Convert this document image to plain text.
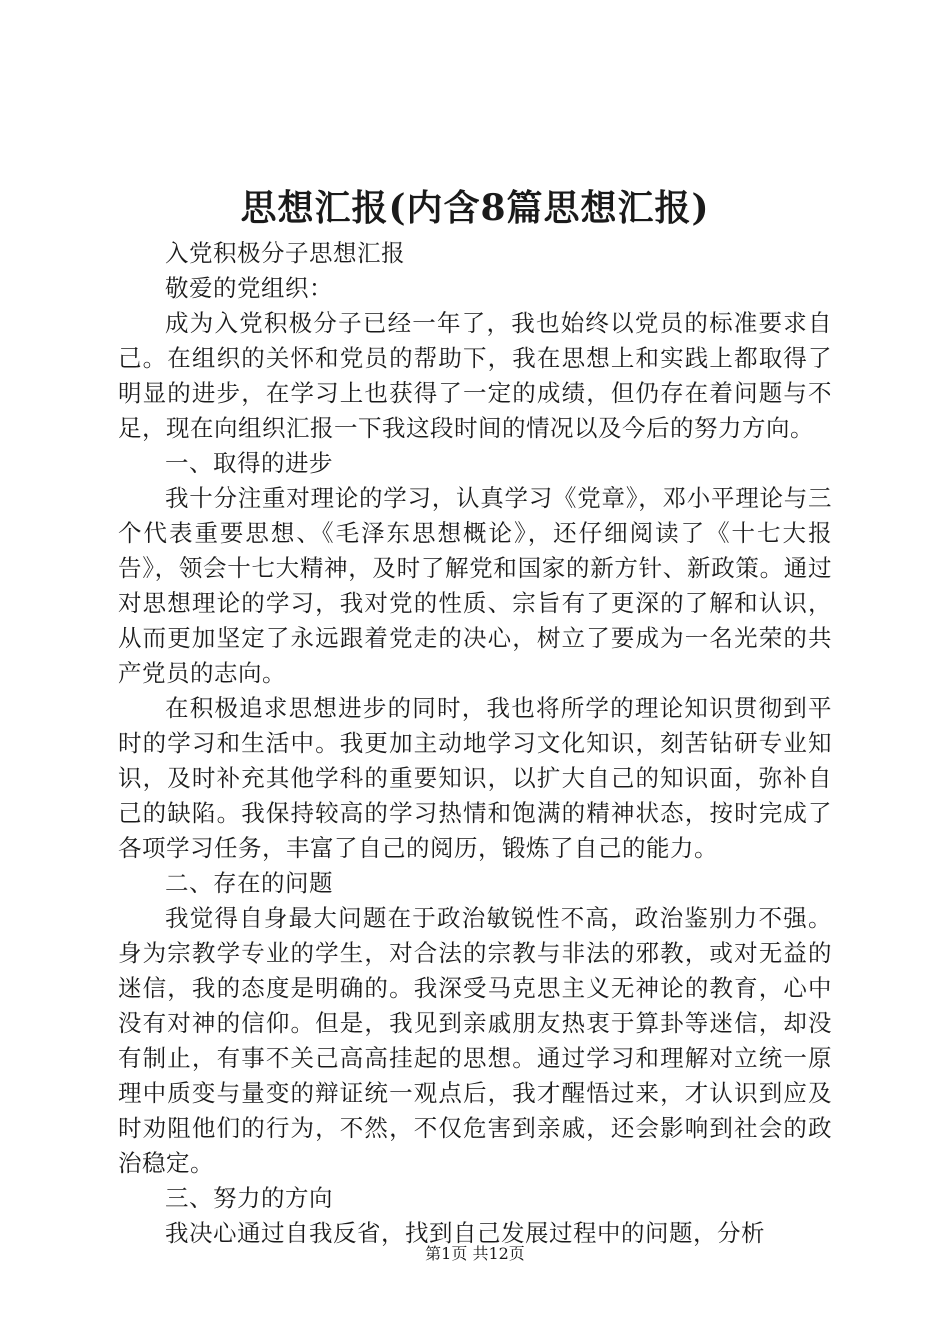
思想汇报(内含8篇思想汇报)

入党积极分子思想汇报

敬爱的党组织：

成为入党积极分子已经一年了，我也始终以党员的标准要求自己。在组织的关怀和党员的帮助下，我在思想上和实践上都取得了明显的进步，在学习上也获得了一定的成绩，但仍存在着问题与不足，现在向组织汇报一下我这段时间的情况以及今后的努力方向。

一、取得的进步

我十分注重对理论的学习，认真学习《党章》，邓小平理论与三个代表重要思想、《毛泽东思想概论》，还仔细阅读了《十七大报告》，领会十七大精神，及时了解党和国家的新方针、新政策。通过对思想理论的学习，我对党的性质、宗旨有了更深的了解和认识，从而更加坚定了永远跟着党走的决心，树立了要成为一名光荣的共产党员的志向。

在积极追求思想进步的同时，我也将所学的理论知识贯彻到平时的学习和生活中。我更加主动地学习文化知识，刻苦钻研专业知识，及时补充其他学科的重要知识，以扩大自己的知识面，弥补自己的缺陷。我保持较高的学习热情和饱满的精神状态，按时完成了各项学习任务，丰富了自己的阅历，锻炼了自己的能力。

二、存在的问题

我觉得自身最大问题在于政治敏锐性不高，政治鉴别力不强。身为宗教学专业的学生，对合法的宗教与非法的邪教，或对无益的迷信，我的态度是明确的。我深受马克思主义无神论的教育，心中没有对神的信仰。但是，我见到亲戚朋友热衷于算卦等迷信，却没有制止，有事不关己高高挂起的思想。通过学习和理解对立统一原理中质变与量变的辩证统一观点后，我才醒悟过来，才认识到应及时劝阻他们的行为，不然，不仅危害到亲戚，还会影响到社会的政治稳定。

三、努力的方向

我决心通过自我反省，找到自己发展过程中的问题，分析

第1页 共12页
